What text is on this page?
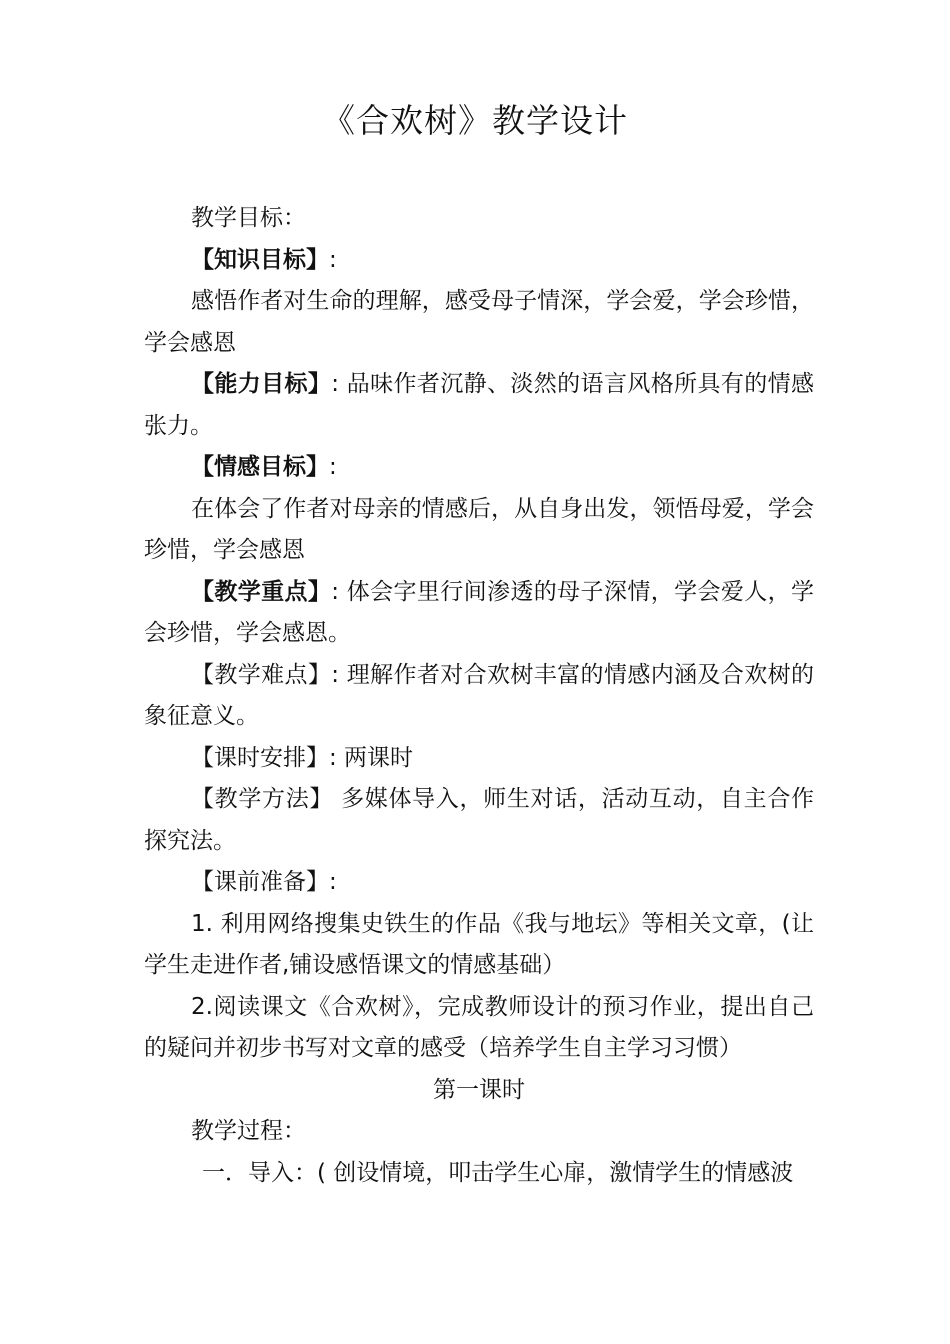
《合欢树》教学设计

教学目标：

【知识目标】:

感悟作者对生命的理解，感受母子情深，学会爱，学会珍惜，学会感恩

【能力目标】: 品味作者沉静、淡然的语言风格所具有的情感张力。

【情感目标】:

在体会了作者对母亲的情感后，从自身出发，领悟母爱，学会珍惜，学会感恩

【教学重点】: 体会字里行间渗透的母子深情，学会爱人，学会珍惜，学会感恩。

【教学难点】: 理解作者对合欢树丰富的情感内涵及合欢树的象征意义。

【课时安排】: 两课时

【教学方法】 多媒体导入，师生对话，活动互动，自主合作探究法。

【课前准备】:

1. 利用网络搜集史铁生的作品《我与地坛》等相关文章，(让学生走进作者,铺设感悟课文的情感基础）

2.阅读课文《合欢树》，完成教师设计的预习作业，提出自己的疑问并初步书写对文章的感受（培养学生自主学习习惯）

第一课时

教学过程：

一．导入：( 创设情境，叩击学生心扉，激情学生的情感波
